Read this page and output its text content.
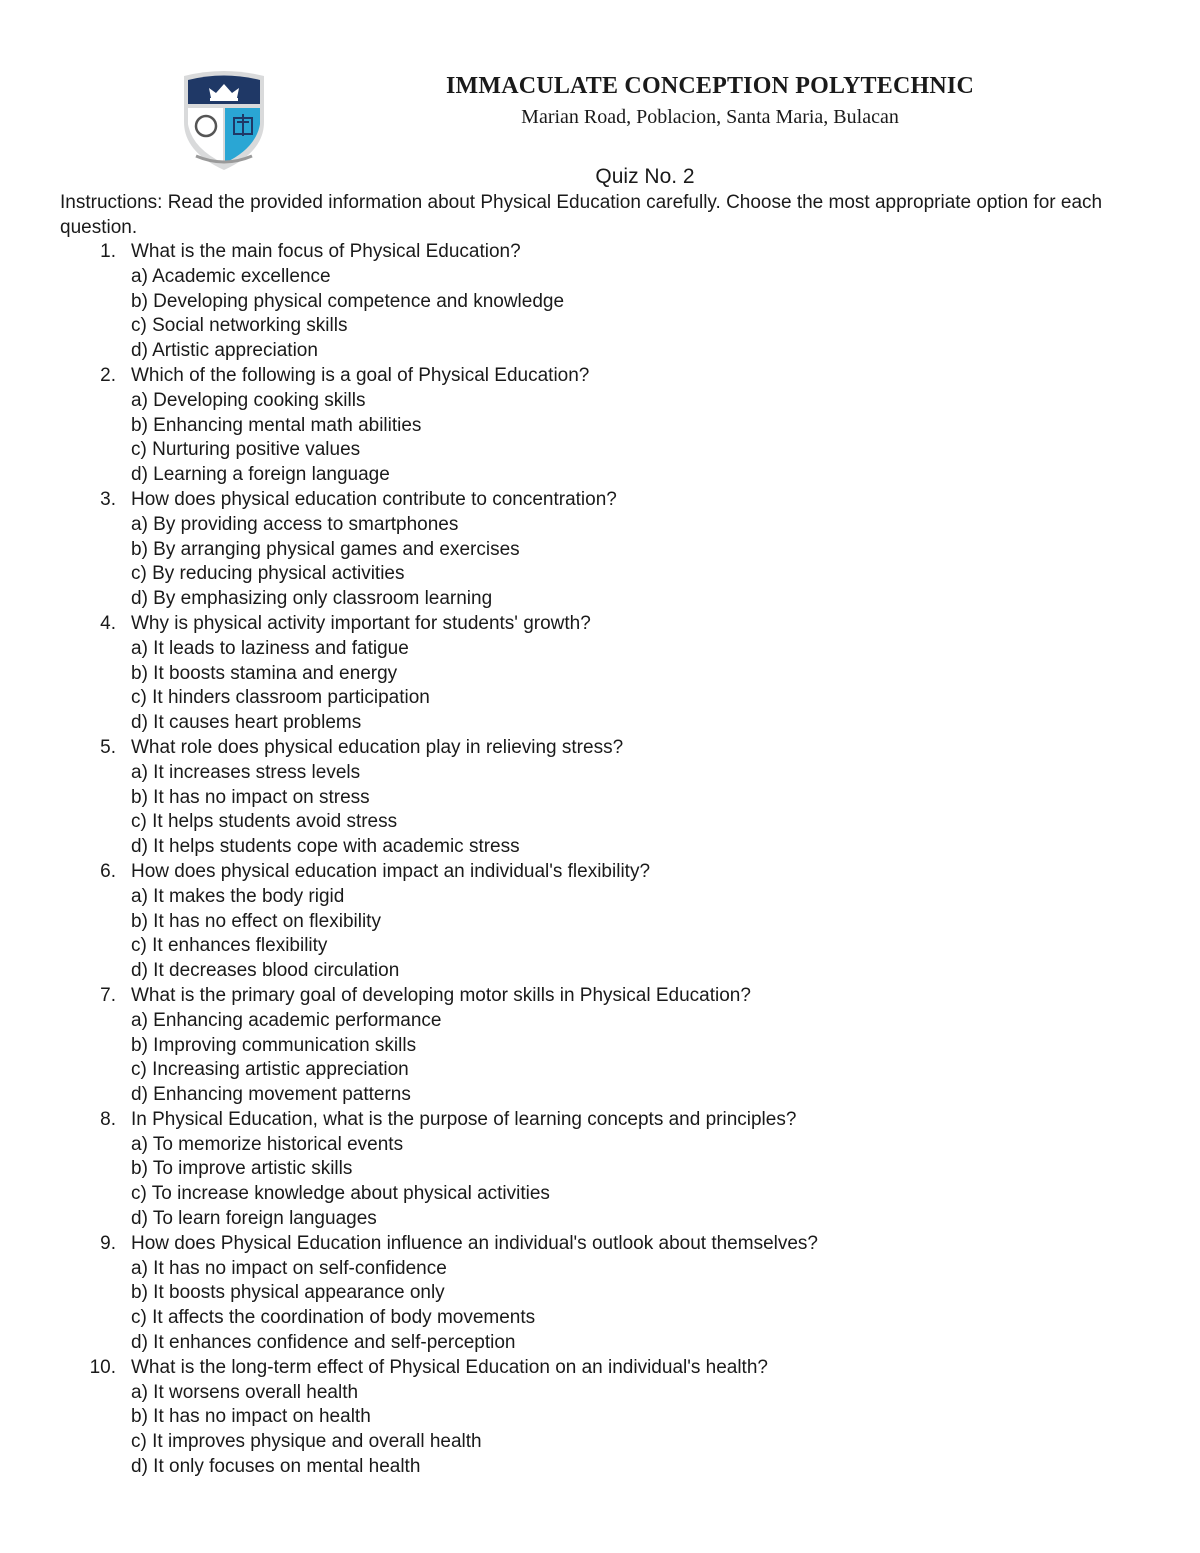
IMMACULATE CONCEPTION POLYTECHNIC
Marian Road, Poblacion, Santa Maria, Bulacan
Quiz No. 2
Instructions: Read the provided information about Physical Education carefully. Choose the most appropriate option for each question.
1. What is the main focus of Physical Education?
a) Academic excellence
b) Developing physical competence and knowledge
c) Social networking skills
d) Artistic appreciation
2. Which of the following is a goal of Physical Education?
a) Developing cooking skills
b) Enhancing mental math abilities
c) Nurturing positive values
d) Learning a foreign language
3. How does physical education contribute to concentration?
a) By providing access to smartphones
b) By arranging physical games and exercises
c) By reducing physical activities
d) By emphasizing only classroom learning
4. Why is physical activity important for students' growth?
a) It leads to laziness and fatigue
b) It boosts stamina and energy
c) It hinders classroom participation
d) It causes heart problems
5. What role does physical education play in relieving stress?
a) It increases stress levels
b) It has no impact on stress
c) It helps students avoid stress
d) It helps students cope with academic stress
6. How does physical education impact an individual's flexibility?
a) It makes the body rigid
b) It has no effect on flexibility
c) It enhances flexibility
d) It decreases blood circulation
7. What is the primary goal of developing motor skills in Physical Education?
a) Enhancing academic performance
b) Improving communication skills
c) Increasing artistic appreciation
d) Enhancing movement patterns
8. In Physical Education, what is the purpose of learning concepts and principles?
a) To memorize historical events
b) To improve artistic skills
c) To increase knowledge about physical activities
d) To learn foreign languages
9. How does Physical Education influence an individual's outlook about themselves?
a) It has no impact on self-confidence
b) It boosts physical appearance only
c) It affects the coordination of body movements
d) It enhances confidence and self-perception
10. What is the long-term effect of Physical Education on an individual's health?
a) It worsens overall health
b) It has no impact on health
c) It improves physique and overall health
d) It only focuses on mental health
